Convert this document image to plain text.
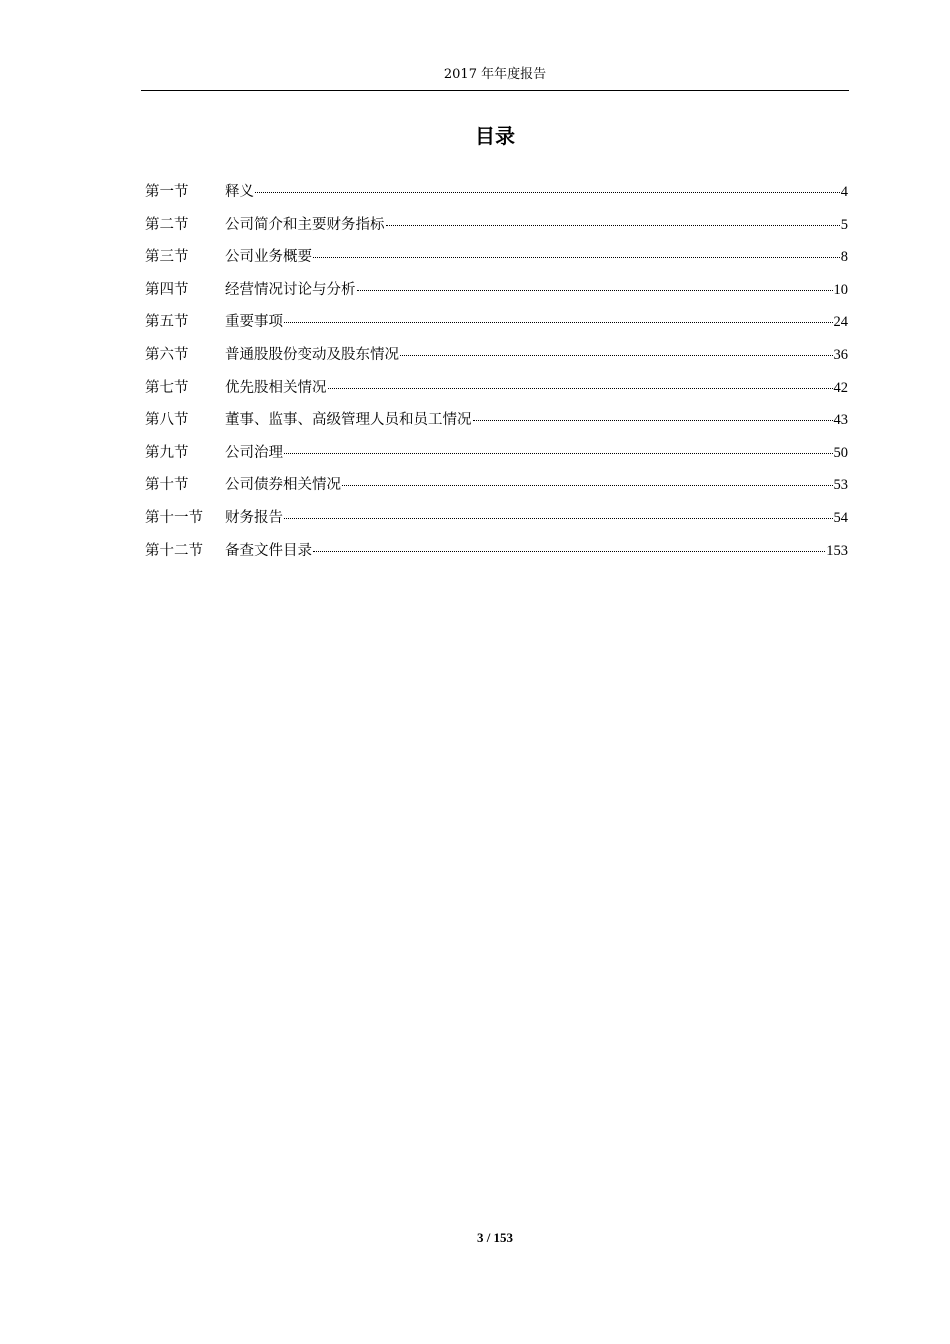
2017 年年度报告
目录
第一节	释义	4
第二节	公司简介和主要财务指标	5
第三节	公司业务概要	8
第四节	经营情况讨论与分析	10
第五节	重要事项	24
第六节	普通股股份变动及股东情况	36
第七节	优先股相关情况	42
第八节	董事、监事、高级管理人员和员工情况	43
第九节	公司治理	50
第十节	公司债券相关情况	53
第十一节	财务报告	54
第十二节	备查文件目录	153
3 / 153
